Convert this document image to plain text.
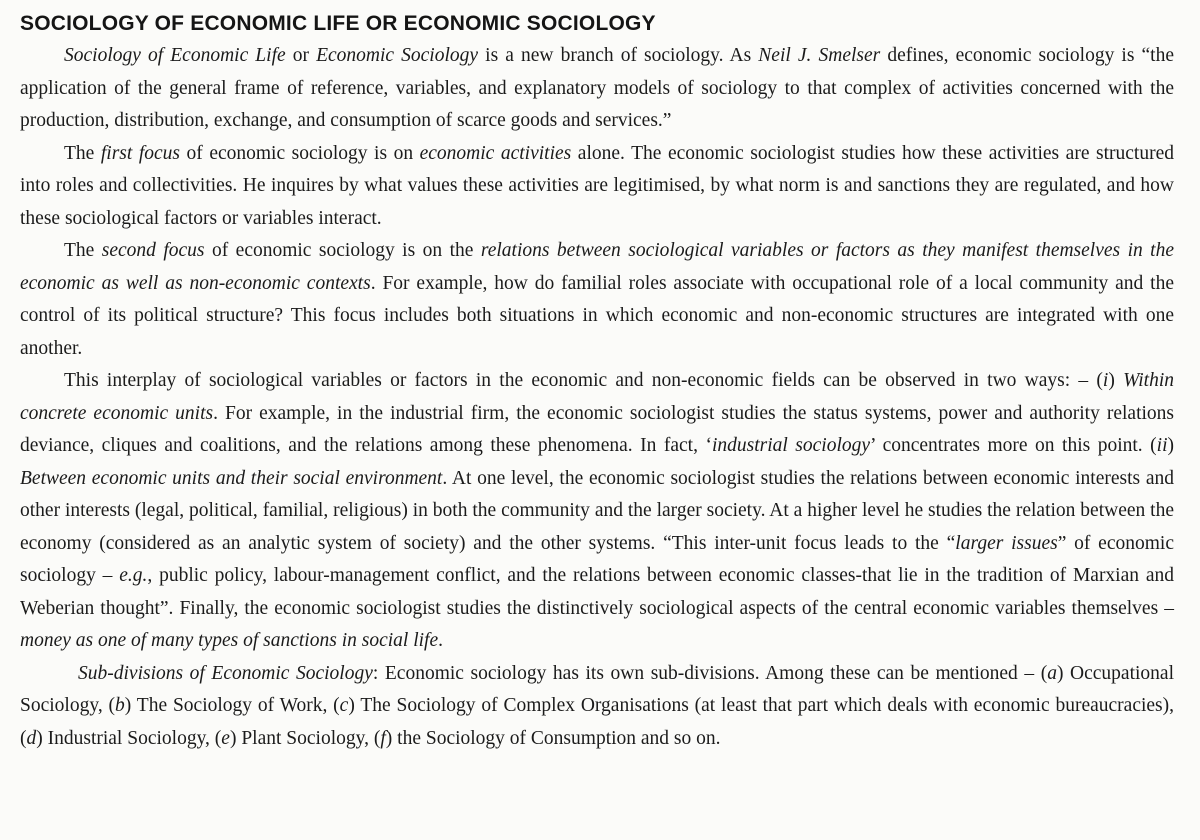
SOCIOLOGY OF ECONOMIC LIFE OR ECONOMIC SOCIOLOGY

Sociology of Economic Life or Economic Sociology is a new branch of sociology. As Neil J. Smelser defines, economic sociology is “the application of the general frame of reference, variables, and explanatory models of sociology to that complex of activities concerned with the production, distribution, exchange, and consumption of scarce goods and services.”

The first focus of economic sociology is on economic activities alone. The economic sociologist studies how these activities are structured into roles and collectivities. He inquires by what values these activities are legitimised, by what norm is and sanctions they are regulated, and how these sociological factors or variables interact.

The second focus of economic sociology is on the relations between sociological variables or factors as they manifest themselves in the economic as well as non-economic contexts. For example, how do familial roles associate with occupational role of a local community and the control of its political structure? This focus includes both situations in which economic and non-economic structures are integrated with one another.

This interplay of sociological variables or factors in the economic and non-economic fields can be observed in two ways: – (i) Within concrete economic units. For example, in the industrial firm, the economic sociologist studies the status systems, power and authority relations deviance, cliques and coalitions, and the relations among these phenomena. In fact, ‘industrial sociology’ concentrates more on this point. (ii) Between economic units and their social environment. At one level, the economic sociologist studies the relations between economic interests and other interests (legal, political, familial, religious) in both the community and the larger society. At a higher level he studies the relation between the economy (considered as an analytic system of society) and the other systems. “This inter-unit focus leads to the “larger issues” of economic sociology – e.g., public policy, labour-management conflict, and the relations between economic classes-that lie in the tradition of Marxian and Weberian thought”. Finally, the economic sociologist studies the distinctively sociological aspects of the central economic variables themselves – money as one of many types of sanctions in social life.

Sub-divisions of Economic Sociology: Economic sociology has its own sub-divisions. Among these can be mentioned – (a) Occupational Sociology, (b) The Sociology of Work, (c) The Sociology of Complex Organisations (at least that part which deals with economic bureaucracies), (d) Industrial Sociology, (e) Plant Sociology, (f) the Sociology of Consumption and so on.
